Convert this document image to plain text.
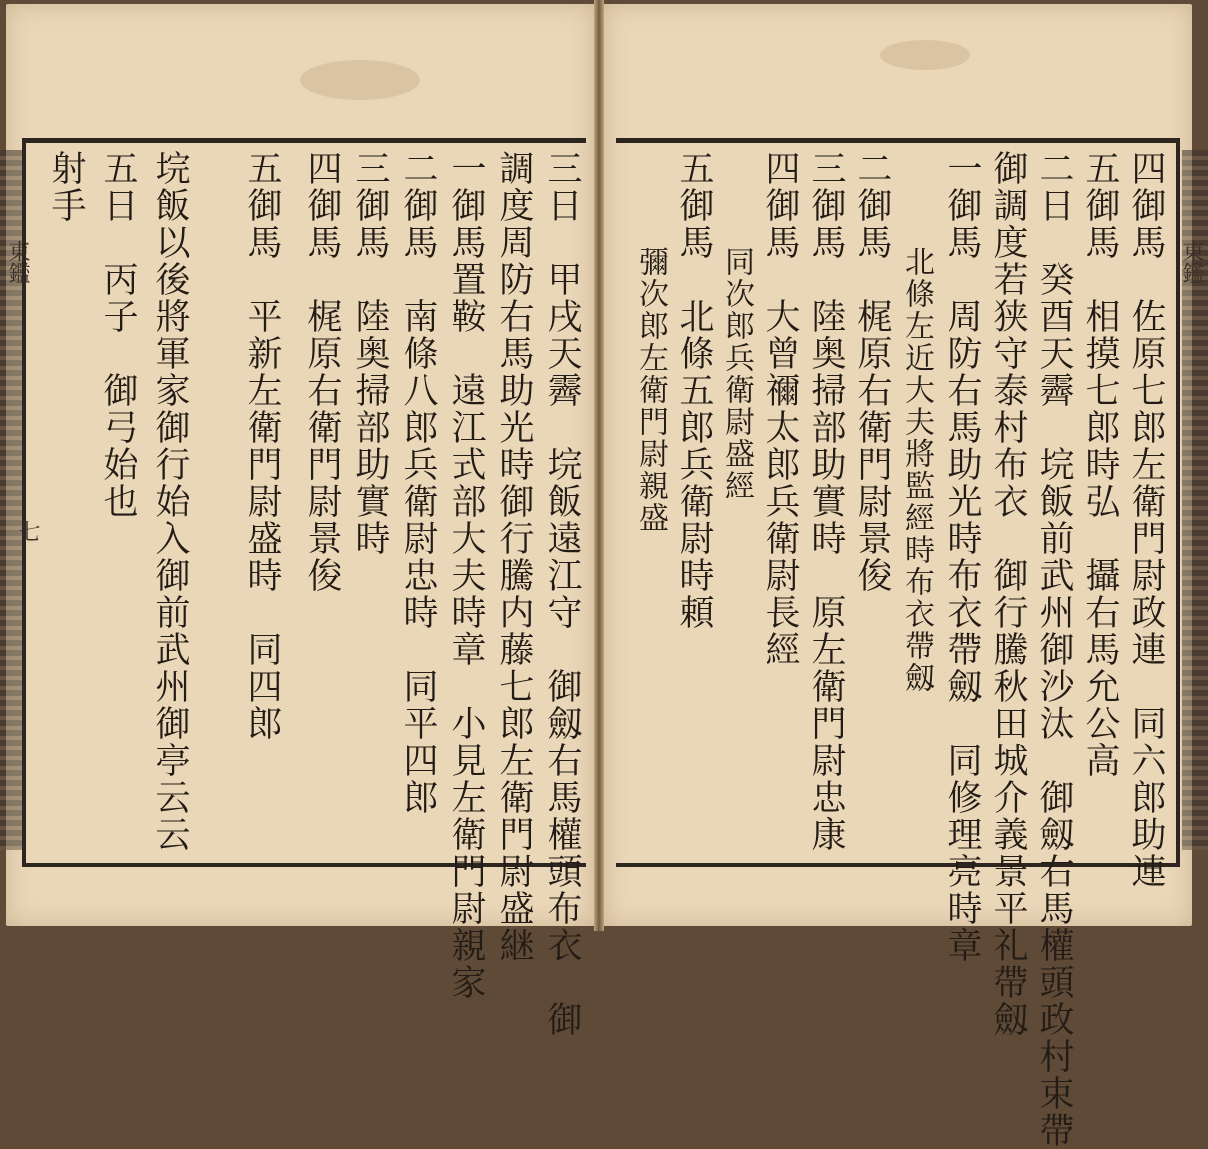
東鑑	東鑑
七	三日　甲戌天霽　垸飯遠江守　御劔右馬權頭布衣　御
調度周防右馬助光時御行騰内藤七郎左衛門尉盛継
一御馬置鞍　遠江式部大夫時章　小見左衛門尉親家
二御馬　南條八郎兵衛尉忠時　同平四郎
三御馬　陸奥掃部助實時
四御馬　梶原右衛門尉景俊
五御馬　平新左衛門尉盛時　同四郎
垸飯以後將軍家御行始入御前武州御亭云云
五日　丙子　御弓始也
射手	四御馬　佐原七郎左衛門尉政連　同六郎助連
五御馬　相摸七郎時弘　攝右馬允公高
二日　癸酉天霽　垸飯前武州御沙汰　御劔右馬權頭政村束帶
御調度若狭守泰村布衣　御行騰秋田城介義景平礼帶劔
一御馬　周防右馬助光時布衣帶劔　同修理亮時章
　　　北條左近大夫將監經時布衣帶劔
二御馬　梶原右衛門尉景俊
三御馬　陸奥掃部助實時　原左衛門尉忠康
四御馬　大曾禰太郎兵衛尉長經
　　　同次郎兵衛尉盛經
五御馬　北條五郎兵衛尉時頼
　　　彌次郎左衛門尉親盛
